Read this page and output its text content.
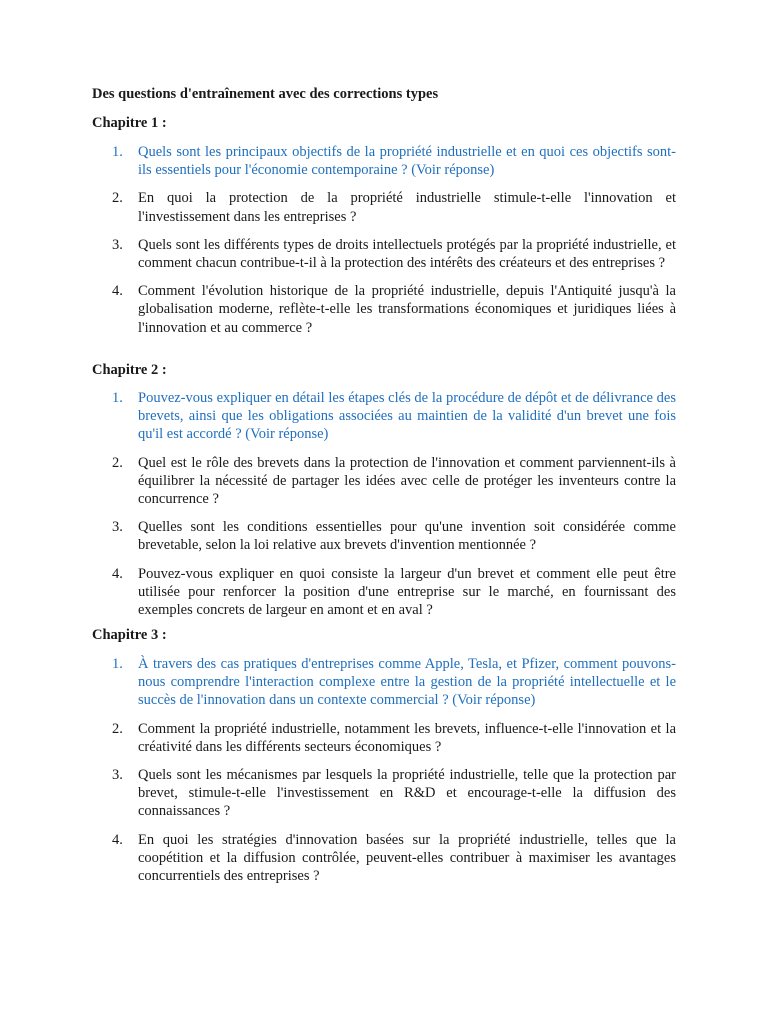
Des questions d'entraînement avec des corrections types

Chapitre 1 :

1. Quels sont les principaux objectifs de la propriété industrielle et en quoi ces objectifs sont-ils essentiels pour l'économie contemporaine ? (Voir réponse)
2. En quoi la protection de la propriété industrielle stimule-t-elle l'innovation et l'investissement dans les entreprises ?
3. Quels sont les différents types de droits intellectuels protégés par la propriété industrielle, et comment chacun contribue-t-il à la protection des intérêts des créateurs et des entreprises ?
4. Comment l'évolution historique de la propriété industrielle, depuis l'Antiquité jusqu'à la globalisation moderne, reflète-t-elle les transformations économiques et juridiques liées à l'innovation et au commerce ?

Chapitre 2 :

1. Pouvez-vous expliquer en détail les étapes clés de la procédure de dépôt et de délivrance des brevets, ainsi que les obligations associées au maintien de la validité d'un brevet une fois qu'il est accordé ? (Voir réponse)
2. Quel est le rôle des brevets dans la protection de l'innovation et comment parviennent-ils à équilibrer la nécessité de partager les idées avec celle de protéger les inventeurs contre la concurrence ?
3. Quelles sont les conditions essentielles pour qu'une invention soit considérée comme brevetable, selon la loi relative aux brevets d'invention mentionnée ?
4. Pouvez-vous expliquer en quoi consiste la largeur d'un brevet et comment elle peut être utilisée pour renforcer la position d'une entreprise sur le marché, en fournissant des exemples concrets de largeur en amont et en aval ?

Chapitre 3 :

1. À travers des cas pratiques d'entreprises comme Apple, Tesla, et Pfizer, comment pouvons-nous comprendre l'interaction complexe entre la gestion de la propriété intellectuelle et le succès de l'innovation dans un contexte commercial ? (Voir réponse)
2. Comment la propriété industrielle, notamment les brevets, influence-t-elle l'innovation et la créativité dans les différents secteurs économiques ?
3. Quels sont les mécanismes par lesquels la propriété industrielle, telle que la protection par brevet, stimule-t-elle l'investissement en R&D et encourage-t-elle la diffusion des connaissances ?
4. En quoi les stratégies d'innovation basées sur la propriété industrielle, telles que la coopétition et la diffusion contrôlée, peuvent-elles contribuer à maximiser les avantages concurrentiels des entreprises ?
